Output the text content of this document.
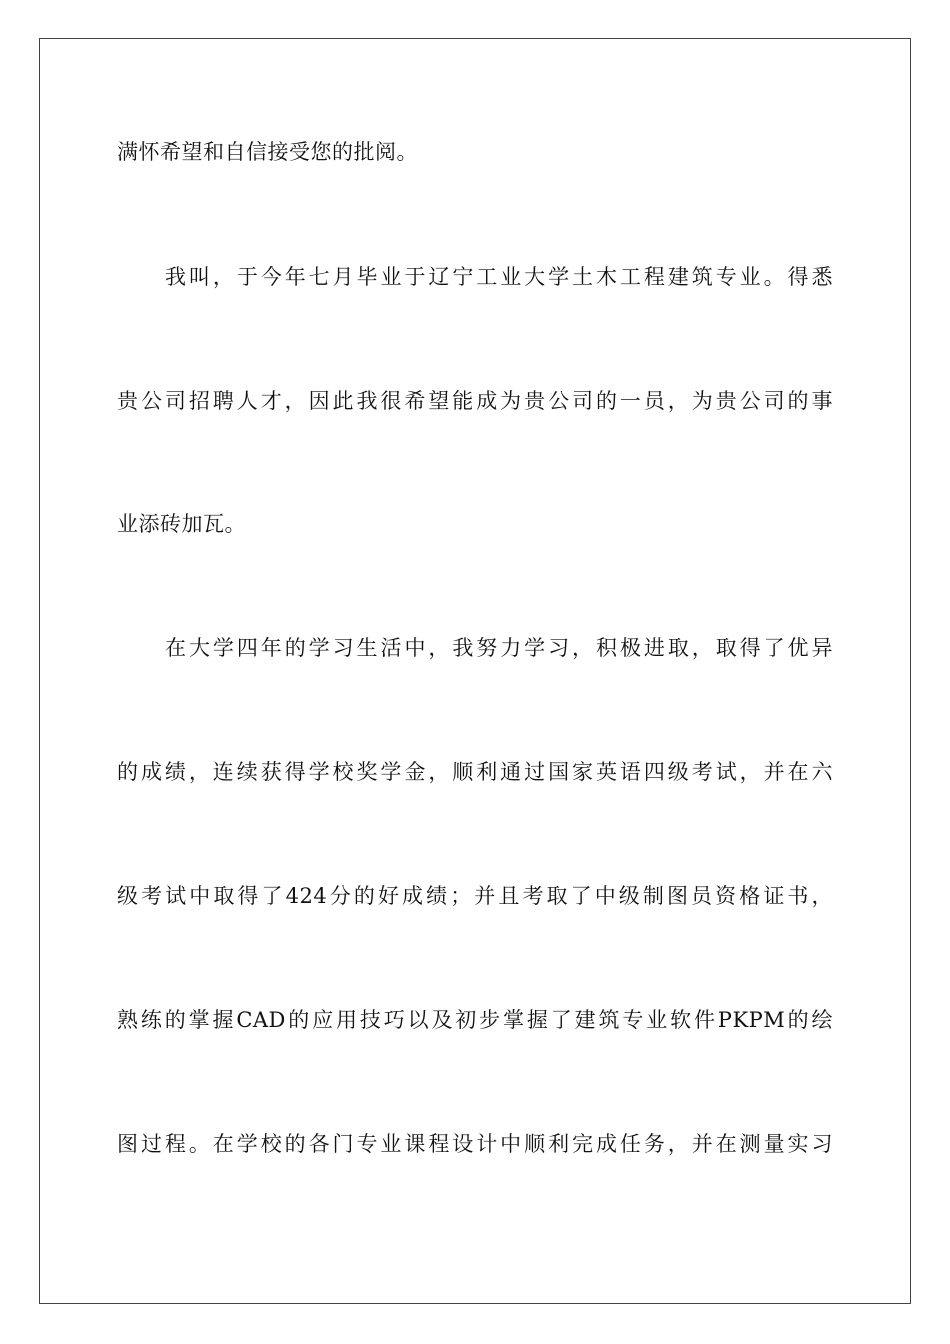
满怀希望和自信接受您的批阅。
我叫，于今年七月毕业于辽宁工业大学土木工程建筑专业。得悉
贵公司招聘人才，因此我很希望能成为贵公司的一员，为贵公司的事
业添砖加瓦。
在大学四年的学习生活中，我努力学习，积极进取，取得了优异
的成绩，连续获得学校奖学金，顺利通过国家英语四级考试，并在六
级考试中取得了424分的好成绩；并且考取了中级制图员资格证书，
熟练的掌握CAD的应用技巧以及初步掌握了建筑专业软件PKPM的绘
图过程。在学校的各门专业课程设计中顺利完成任务，并在测量实习
